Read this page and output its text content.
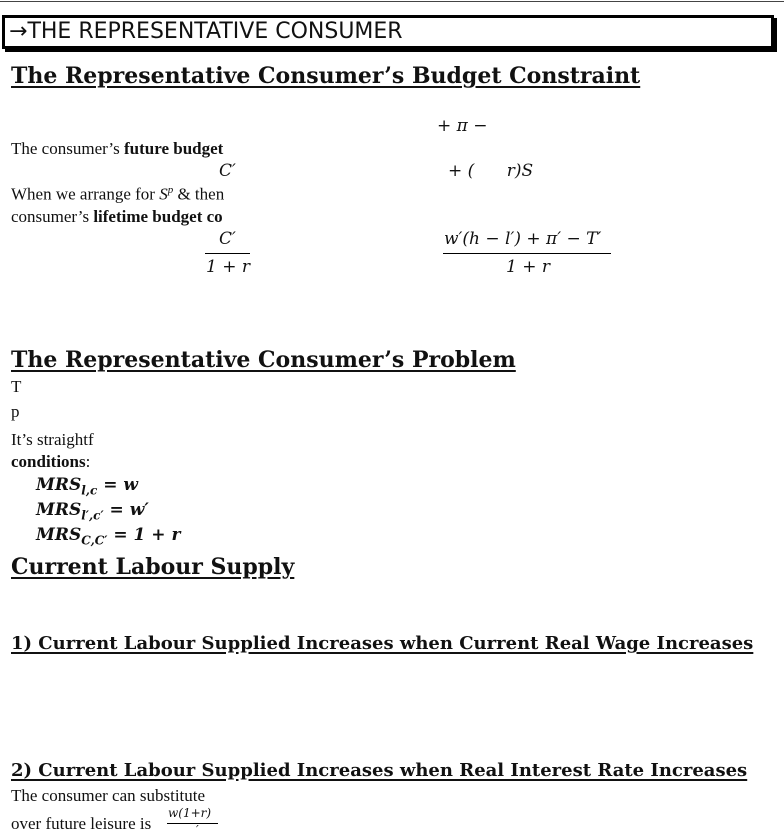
→THE REPRESENTATIVE CONSUMER
The Representative Consumer’s Budget Constraint
+ π −
The consumer’s future budget
C′	+ (      r)S
When we arrange for $S^p$ & then
consumer’s lifetime budget co
C′
1 + r
w′(h − l′) + π′ − T′
1 + r
The Representative Consumer’s Problem
T
p
It’s straightf
conditions:
$MRS_{l,c} = w$
$MRS_{l',c'} = w'$
$MRS_{C,C'} = 1 + r$
Current Labour Supply
1) Current Labour Supplied Increases when Current Real Wage Increases
2) Current Labour Supplied Increases when Real Interest Rate Increases
The consumer can substitute
over future leisure is
w(1+r)
′
